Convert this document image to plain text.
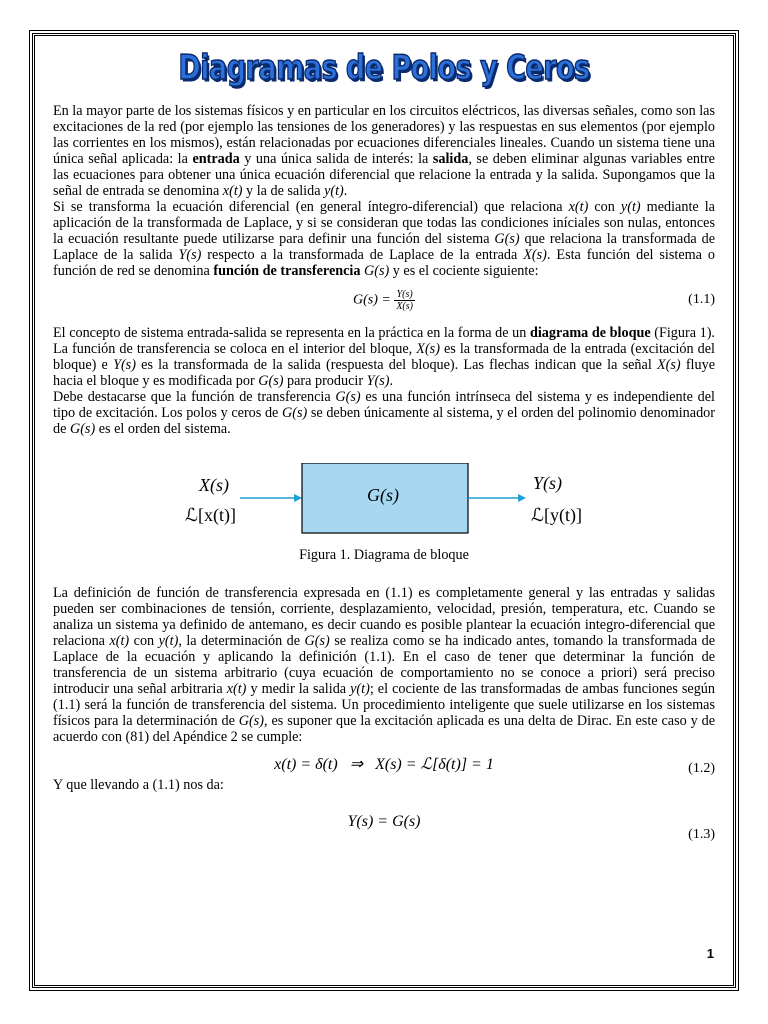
Diagramas de Polos y Ceros

En la mayor parte de los sistemas físicos y en particular en los circuitos eléctricos, las diversas señales, como son las excitaciones de la red (por ejemplo las tensiones de los generadores) y las respuestas en sus elementos (por ejemplo las corrientes en los mismos), están relacionadas por ecuaciones diferenciales lineales. Cuando un sistema tiene una única señal aplicada: la entrada y una única salida de interés: la salida, se deben eliminar algunas variables entre las ecuaciones para obtener una única ecuación diferencial que relacione la entrada y la salida. Supongamos que la señal de entrada se denomina x(t) y la de salida y(t).

Si se transforma la ecuación diferencial (en general íntegro-diferencial) que relaciona x(t) con y(t) mediante la aplicación de la transformada de Laplace, y si se consideran que todas las condiciones iníciales son nulas, entonces la ecuación resultante puede utilizarse para definir una función del sistema G(s) que relaciona la transformada de Laplace de la salida Y(s) respecto a la transformada de Laplace de la entrada X(s). Esta función del sistema o función de red se denomina función de transferencia G(s) y es el cociente siguiente:

$G(s) = \frac{Y(s)}{X(s)}$	(1.1)

El concepto de sistema entrada-salida se representa en la práctica en la forma de un diagrama de bloque (Figura 1). La función de transferencia se coloca en el interior del bloque, X(s) es la transformada de la entrada (excitación del bloque) e Y(s) es la transformada de la salida (respuesta del bloque). Las flechas indican que la señal X(s) fluye hacia el bloque y es modificada por G(s) para producir Y(s).

Debe destacarse que la función de transferencia G(s) es una función intrínseca del sistema y es independiente del tipo de excitación. Los polos y ceros de G(s) se deben únicamente al sistema, y el orden del polinomio denominador de G(s) es el orden del sistema.

X(s)
ℒ[x(t)]
G(s)
Y(s)
ℒ[y(t)]
Figura 1. Diagrama de bloque

La definición de función de transferencia expresada en (1.1) es completamente general y las entradas y salidas pueden ser combinaciones de tensión, corriente, desplazamiento, velocidad, presión, temperatura, etc. Cuando se analiza un sistema ya definido de antemano, es decir cuando es posible plantear la ecuación integro-diferencial que relaciona x(t) con y(t), la determinación de G(s) se realiza como se ha indicado antes, tomando la transformada de Laplace de la ecuación y aplicando la definición (1.1). En el caso de tener que determinar la función de transferencia de un sistema arbitrario (cuya ecuación de comportamiento no se conoce a priori) será preciso introducir una señal arbitraria x(t) y medir la salida y(t); el cociente de las transformadas de ambas funciones según (1.1) será la función de transferencia del sistema. Un procedimiento inteligente que suele utilizarse en los sistemas físicos para la determinación de G(s), es suponer que la excitación aplicada es una delta de Dirac. En este caso y de acuerdo con (81) del Apéndice 2 se cumple:

x(t) = δ(t)   ⇒   X(s) = ℒ[δ(t)] = 1	(1.2)

Y que llevando a (1.1) nos da:

Y(s) = G(s)
(1.3)
1
